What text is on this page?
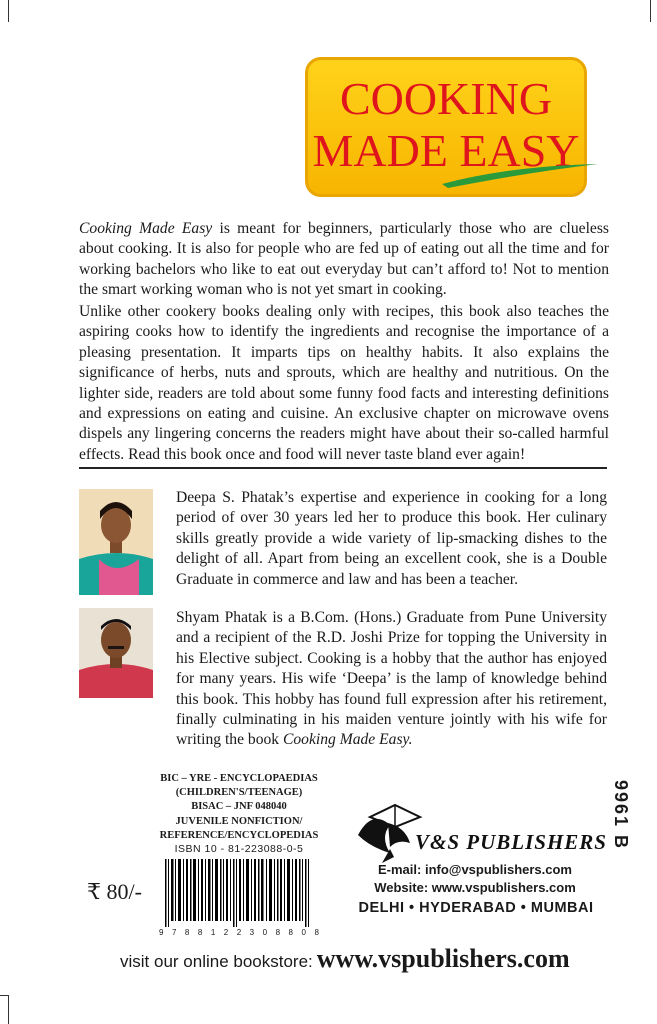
COOKING
MADE EASY

Cooking Made Easy is meant for beginners, particularly those who are clueless about cooking. It is also for people who are fed up of eating out all the time and for working bachelors who like to eat out everyday but can’t afford to! Not to mention the smart working woman who is not yet smart in cooking.

Unlike other cookery books dealing only with recipes, this book also teaches the aspiring cooks how to identify the ingredients and recognise the importance of a pleasing presentation. It imparts tips on healthy habits. It also explains the significance of herbs, nuts and sprouts, which are healthy and nutritious. On the lighter side, readers are told about some funny food facts and interesting definitions and expressions on eating and cuisine. An exclusive chapter on microwave ovens dispels any lingering concerns the readers might have about their so-called harmful effects. Read this book once and food will never taste bland ever again!

Deepa S. Phatak’s expertise and experience in cooking for a long period of over 30 years led her to produce this book. Her culinary skills greatly provide a wide variety of lip-smacking dishes to the delight of all. Apart from being an excellent cook, she is a Double Graduate in commerce and law and has been a teacher.

Shyam Phatak is a B.Com. (Hons.) Graduate from Pune University and a recipient of the R.D. Joshi Prize for topping the University in his Elective subject. Cooking is a hobby that the author has enjoyed for many years. His wife ‘Deepa’ is the lamp of knowledge behind this book. This hobby has found full expression after his retirement, finally culminating in his maiden venture jointly with his wife for writing the book Cooking Made Easy.

BIC – YRE - ENCYCLOPAEDIAS
(CHILDREN'S/TEENAGE)
BISAC – JNF 048040
JUVENILE NONFICTION/
REFERENCE/ENCYCLOPEDIAS
ISBN 10 - 81-223088-0-5
₹ 80/-
9 7 8 8 1 2 2 3 0 8 8 0 8
9961 B
V&S PUBLISHERS
E-mail: info@vspublishers.com
Website: www.vspublishers.com
DELHI • HYDERABAD • MUMBAI
visit our online bookstore: www.vspublishers.com
